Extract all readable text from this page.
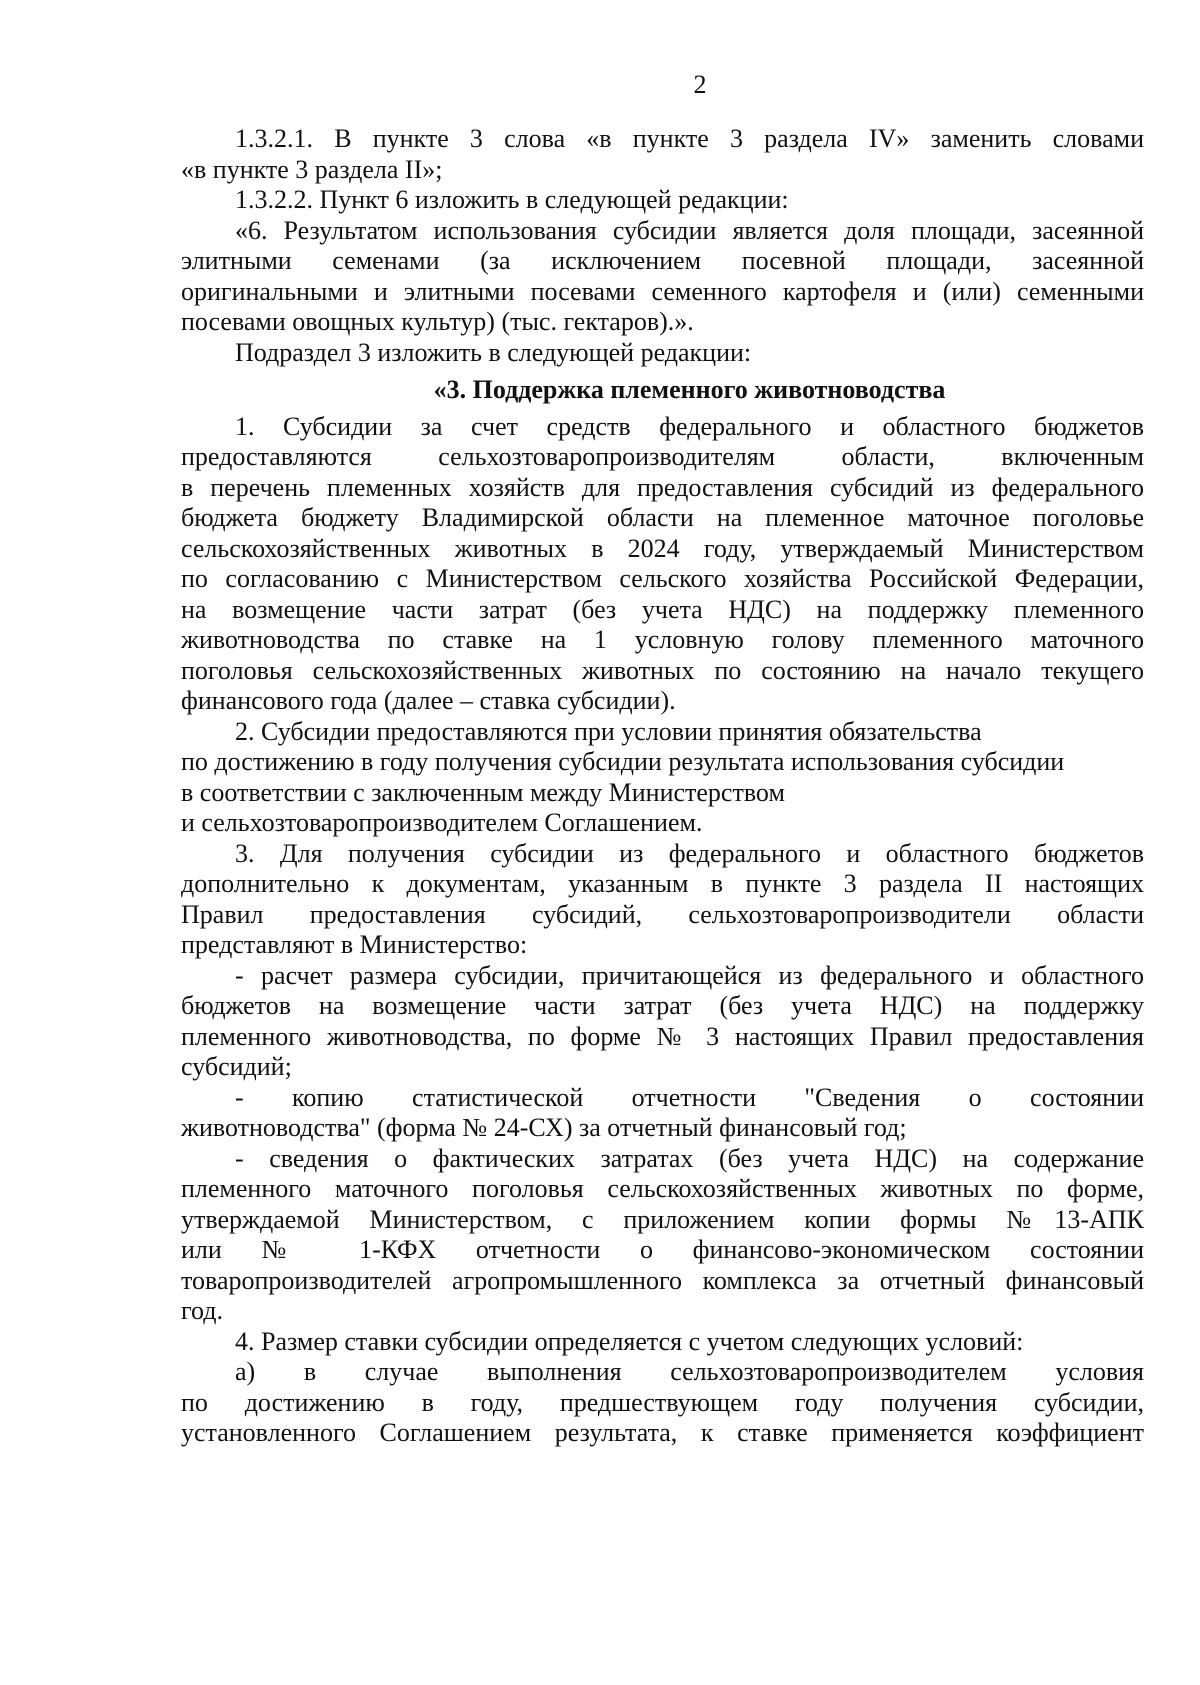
2

1.3.2.1. В пункте 3 слова «в пункте 3 раздела IV» заменить словами
«в пункте 3 раздела II»;

1.3.2.2. Пункт 6 изложить в следующей редакции:

«6. Результатом использования субсидии является доля площади, засеянной
элитными семенами (за исключением посевной площади, засеянной
оригинальными и элитными посевами семенного картофеля и (или) семенными
посевами овощных культур) (тыс. гектаров).».

Подраздел 3 изложить в следующей редакции:

«3. Поддержка племенного животноводства

1. Субсидии за счет средств федерального и областного бюджетов
предоставляются сельхозтоваропроизводителям области, включенным
в перечень племенных хозяйств для предоставления субсидий из федерального
бюджета бюджету Владимирской области на племенное маточное поголовье
сельскохозяйственных животных в 2024 году, утверждаемый Министерством
по согласованию с Министерством сельского хозяйства Российской Федерации,
на возмещение части затрат (без учета НДС) на поддержку племенного
животноводства по ставке на 1 условную голову племенного маточного
поголовья сельскохозяйственных животных по состоянию на начало текущего
финансового года (далее – ставка субсидии).

2. Субсидии предоставляются при условии принятия обязательства
по достижению в году получения субсидии результата использования субсидии
в соответствии с заключенным между Министерством
и сельхозтоваропроизводителем Соглашением.

3. Для получения субсидии из федерального и областного бюджетов
дополнительно к документам, указанным в пункте 3 раздела II настоящих
Правил предоставления субсидий, сельхозтоваропроизводители области
представляют в Министерство:

- расчет размера субсидии, причитающейся из федерального и областного
бюджетов на возмещение части затрат (без учета НДС) на поддержку
племенного животноводства, по форме № 3 настоящих Правил предоставления
субсидий;

- копию статистической отчетности "Сведения о состоянии
животноводства" (форма № 24-СХ) за отчетный финансовый год;

- сведения о фактических затратах (без учета НДС) на содержание
племенного маточного поголовья сельскохозяйственных животных по форме,
утверждаемой Министерством, с приложением копии формы №13-АПК
или № 1-КФХ отчетности о финансово-экономическом состоянии
товаропроизводителей агропромышленного комплекса за отчетный финансовый
год.

4. Размер ставки субсидии определяется с учетом следующих условий:

а) в случае выполнения сельхозтоваропроизводителем условия
по достижению в году, предшествующем году получения субсидии,
установленного Соглашением результата, к ставке применяется коэффициент
